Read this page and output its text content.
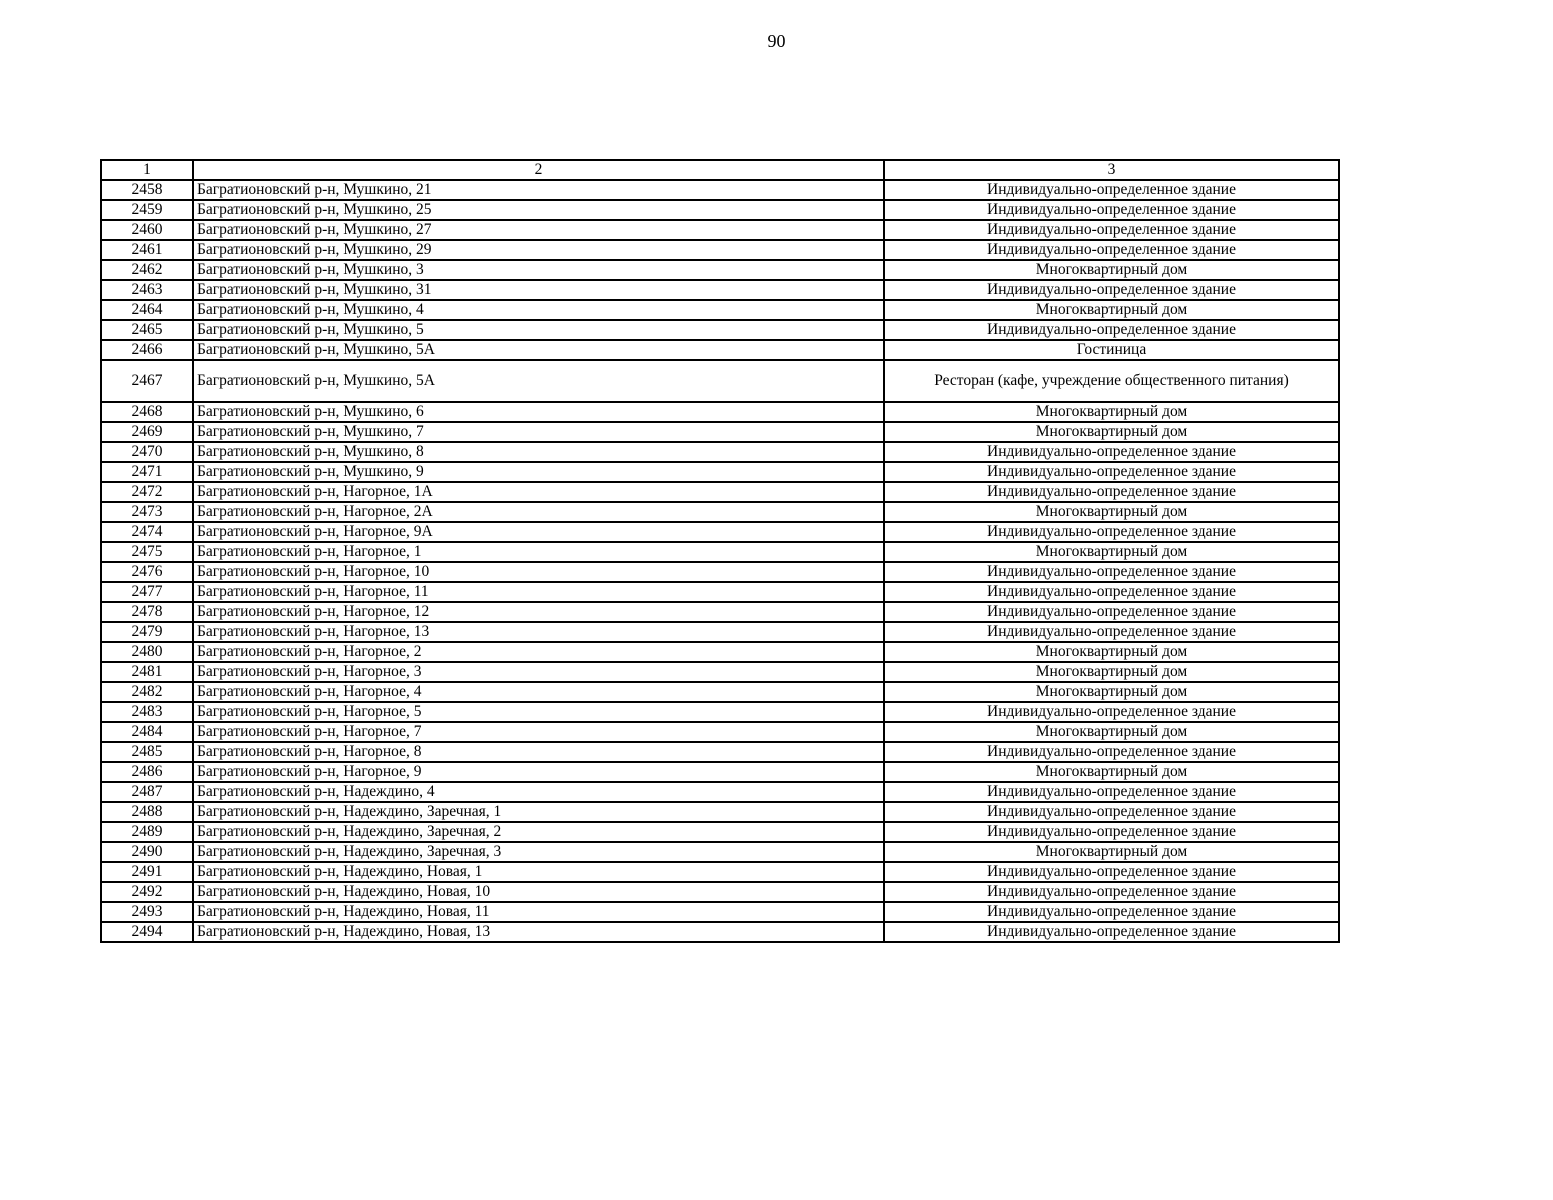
90
1	2	3
2458	Багратионовский р-н, Мушкино, 21	Индивидуально-определенное здание
2459	Багратионовский р-н, Мушкино, 25	Индивидуально-определенное здание
2460	Багратионовский р-н, Мушкино, 27	Индивидуально-определенное здание
2461	Багратионовский р-н, Мушкино, 29	Индивидуально-определенное здание
2462	Багратионовский р-н, Мушкино, 3	Многоквартирный дом
2463	Багратионовский р-н, Мушкино, 31	Индивидуально-определенное здание
2464	Багратионовский р-н, Мушкино, 4	Многоквартирный дом
2465	Багратионовский р-н, Мушкино, 5	Индивидуально-определенное здание
2466	Багратионовский р-н, Мушкино, 5А	Гостиница
2467	Багратионовский р-н, Мушкино, 5А	Ресторан (кафе, учреждение общественного питания)
2468	Багратионовский р-н, Мушкино, 6	Многоквартирный дом
2469	Багратионовский р-н, Мушкино, 7	Многоквартирный дом
2470	Багратионовский р-н, Мушкино, 8	Индивидуально-определенное здание
2471	Багратионовский р-н, Мушкино, 9	Индивидуально-определенное здание
2472	Багратионовский р-н, Нагорное, 1А	Индивидуально-определенное здание
2473	Багратионовский р-н, Нагорное, 2А	Многоквартирный дом
2474	Багратионовский р-н, Нагорное, 9А	Индивидуально-определенное здание
2475	Багратионовский р-н, Нагорное, 1	Многоквартирный дом
2476	Багратионовский р-н, Нагорное, 10	Индивидуально-определенное здание
2477	Багратионовский р-н, Нагорное, 11	Индивидуально-определенное здание
2478	Багратионовский р-н, Нагорное, 12	Индивидуально-определенное здание
2479	Багратионовский р-н, Нагорное, 13	Индивидуально-определенное здание
2480	Багратионовский р-н, Нагорное, 2	Многоквартирный дом
2481	Багратионовский р-н, Нагорное, 3	Многоквартирный дом
2482	Багратионовский р-н, Нагорное, 4	Многоквартирный дом
2483	Багратионовский р-н, Нагорное, 5	Индивидуально-определенное здание
2484	Багратионовский р-н, Нагорное, 7	Многоквартирный дом
2485	Багратионовский р-н, Нагорное, 8	Индивидуально-определенное здание
2486	Багратионовский р-н, Нагорное, 9	Многоквартирный дом
2487	Багратионовский р-н, Надеждино, 4	Индивидуально-определенное здание
2488	Багратионовский р-н, Надеждино, Заречная, 1	Индивидуально-определенное здание
2489	Багратионовский р-н, Надеждино, Заречная, 2	Индивидуально-определенное здание
2490	Багратионовский р-н, Надеждино, Заречная, 3	Многоквартирный дом
2491	Багратионовский р-н, Надеждино, Новая, 1	Индивидуально-определенное здание
2492	Багратионовский р-н, Надеждино, Новая, 10	Индивидуально-определенное здание
2493	Багратионовский р-н, Надеждино, Новая, 11	Индивидуально-определенное здание
2494	Багратионовский р-н, Надеждино, Новая, 13	Индивидуально-определенное здание
